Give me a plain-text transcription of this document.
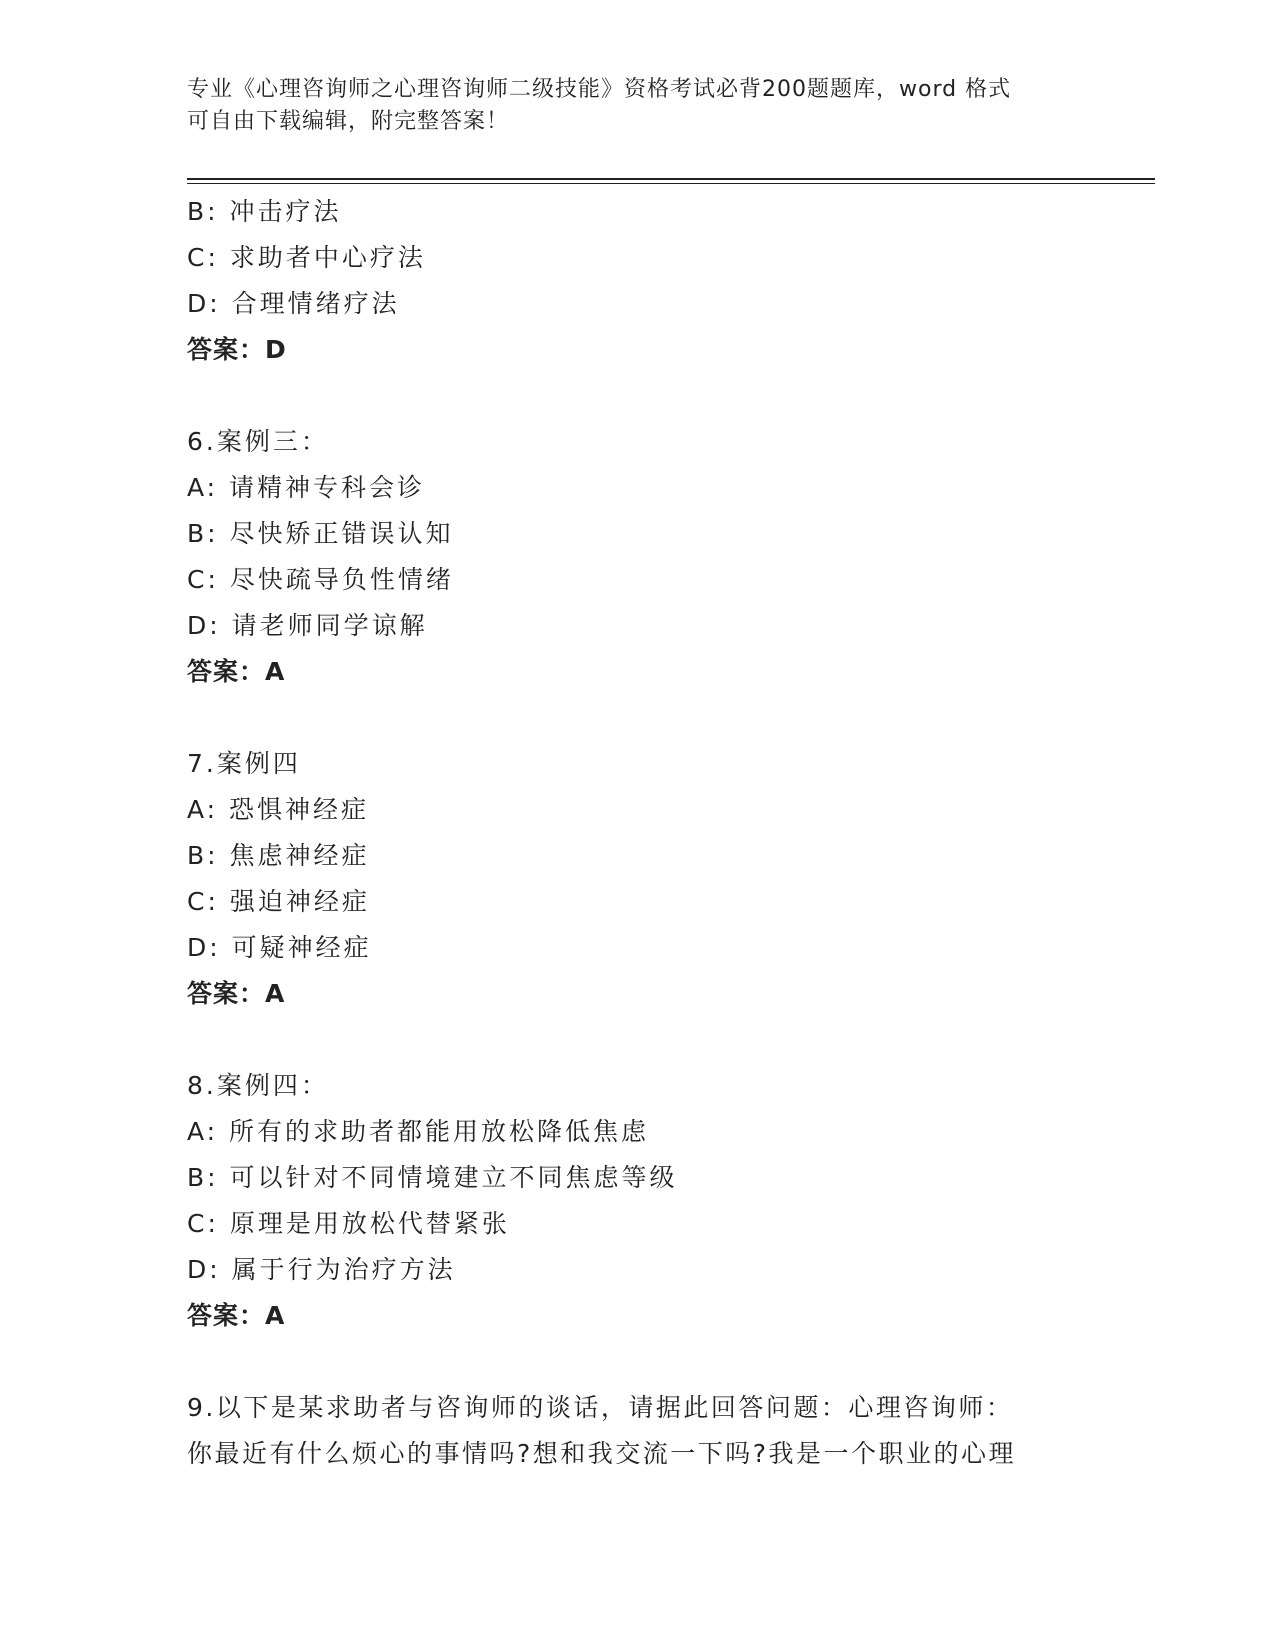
专业《心理咨询师之心理咨询师二级技能》资格考试必背200题题库，word 格式
可自由下载编辑，附完整答案！
B: 冲击疗法
C: 求助者中心疗法
D: 合理情绪疗法
答案：D
6.案例三：
A: 请精神专科会诊
B: 尽快矫正错误认知
C: 尽快疏导负性情绪
D: 请老师同学谅解
答案：A
7.案例四
A: 恐惧神经症
B: 焦虑神经症
C: 强迫神经症
D: 可疑神经症
答案：A
8.案例四：
A: 所有的求助者都能用放松降低焦虑
B: 可以针对不同情境建立不同焦虑等级
C: 原理是用放松代替紧张
D: 属于行为治疗方法
答案：A
9.以下是某求助者与咨询师的谈话，请据此回答问题：心理咨询师：
你最近有什么烦心的事情吗?想和我交流一下吗?我是一个职业的心理
